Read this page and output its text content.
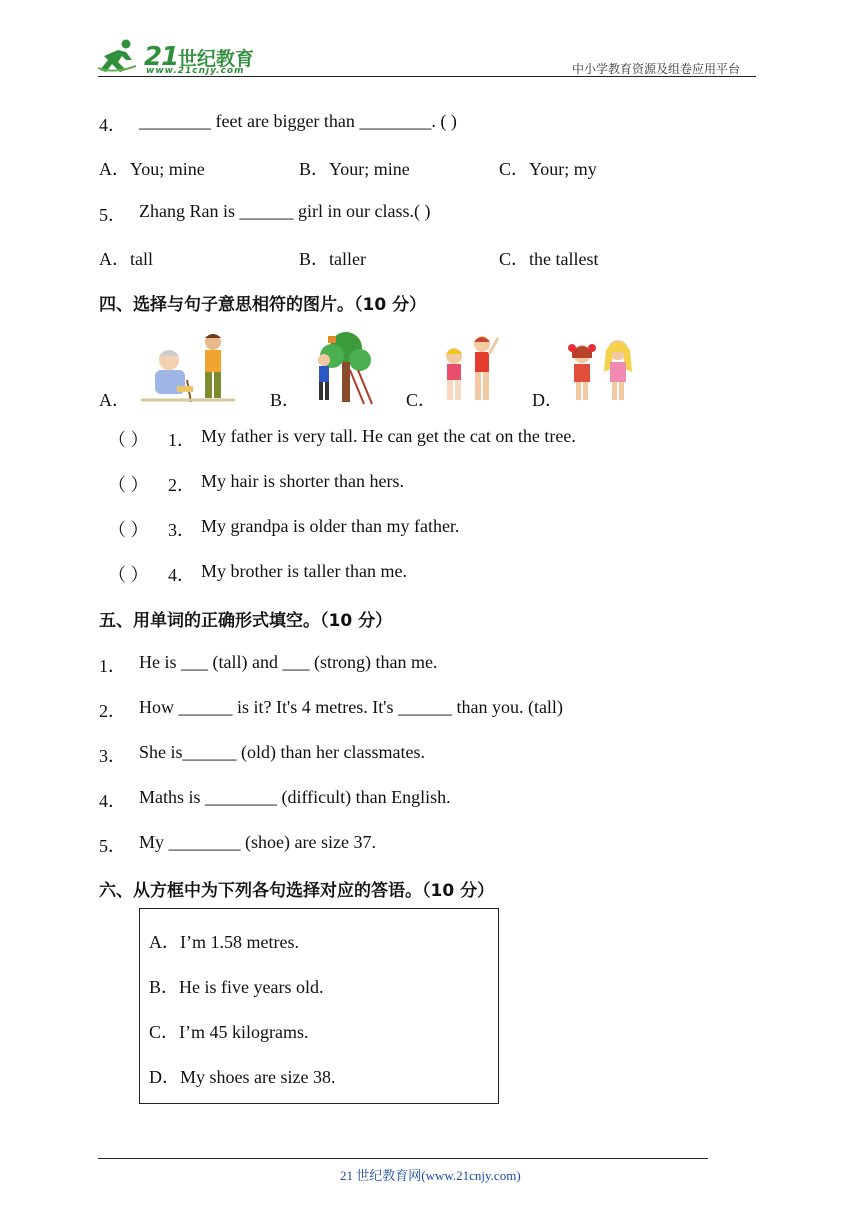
21 世纪教育
www.21cnjy.com	中小学教育资源及组卷应用平台
4． ________ feet are bigger than ________. ( )
A．You; mine	B．Your; mine	C．Your; my
5． Zhang Ran is ______ girl in our class.( )
A．tall	B．taller	C．the tallest
四、选择与句子意思相符的图片。（10 分）
A．	B．	C．	D．
（ ） 1． My father is very tall. He can get the cat on the tree.
（ ） 2． My hair is shorter than hers.
（ ） 3． My grandpa is older than my father.
（ ） 4． My brother is taller than me.
五、用单词的正确形式填空。（10 分）
1． He is ___ (tall) and ___ (strong) than me.
2． How ______ is it? It's 4 metres. It's ______ than you. (tall)
3． She is______ (old) than her classmates.
4． Maths is ________ (difficult) than English.
5． My ________ (shoe) are size 37.
六、从方框中为下列各句选择对应的答语。（10 分）
A．I’m 1.58 metres.
B．He is five years old.
C．I’m 45 kilograms.
D．My shoes are size 38.
21 世纪教育网(www.21cnjy.com)
